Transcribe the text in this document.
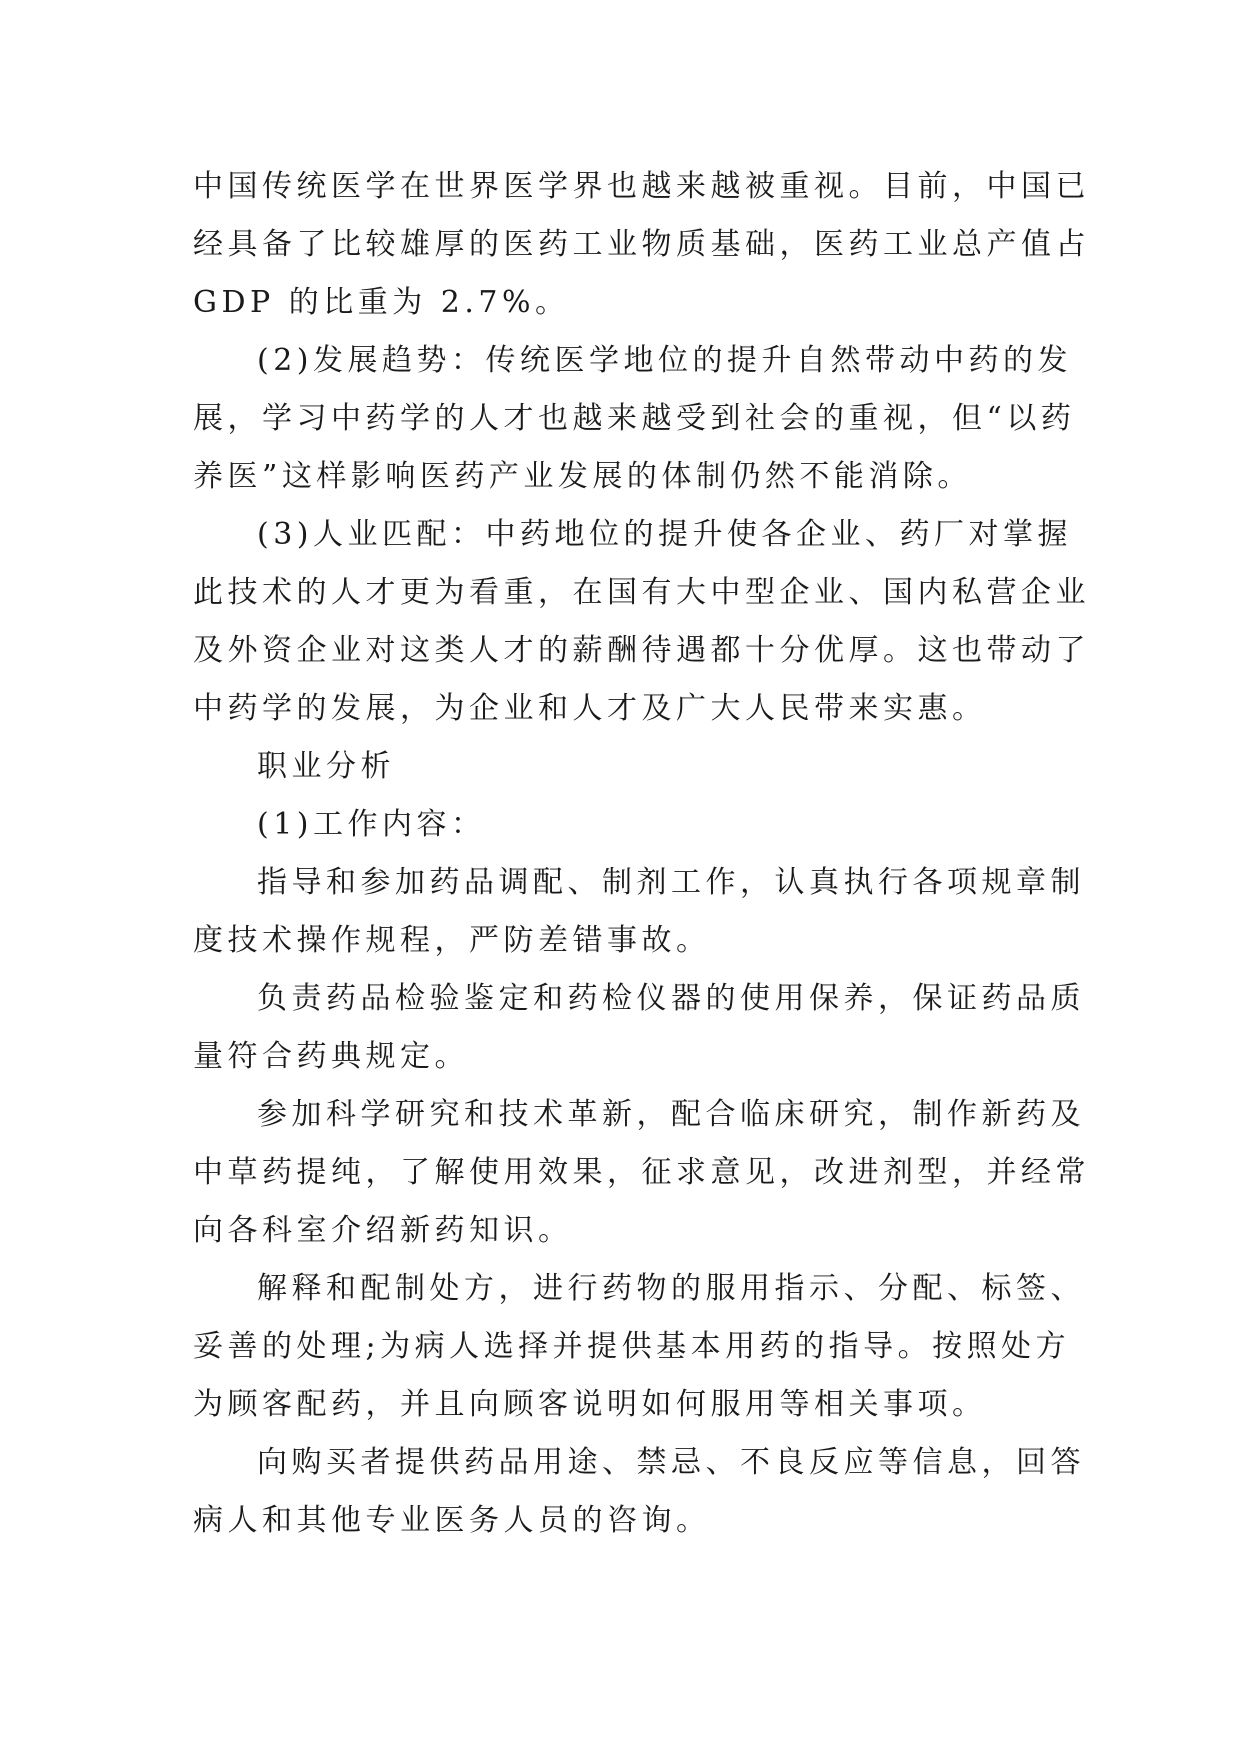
中国传统医学在世界医学界也越来越被重视。目前，中国已
经具备了比较雄厚的医药工业物质基础，医药工业总产值占
GDP 的比重为 2.7%。

(2)发展趋势：传统医学地位的提升自然带动中药的发
展，学习中药学的人才也越来越受到社会的重视，但“以药
养医”这样影响医药产业发展的体制仍然不能消除。

(3)人业匹配：中药地位的提升使各企业、药厂对掌握
此技术的人才更为看重，在国有大中型企业、国内私营企业
及外资企业对这类人才的薪酬待遇都十分优厚。这也带动了
中药学的发展，为企业和人才及广大人民带来实惠。

职业分析

(1)工作内容：

指导和参加药品调配、制剂工作，认真执行各项规章制
度技术操作规程，严防差错事故。

负责药品检验鉴定和药检仪器的使用保养，保证药品质
量符合药典规定。

参加科学研究和技术革新，配合临床研究，制作新药及
中草药提纯，了解使用效果，征求意见，改进剂型，并经常
向各科室介绍新药知识。

解释和配制处方，进行药物的服用指示、分配、标签、
妥善的处理;为病人选择并提供基本用药的指导。按照处方
为顾客配药，并且向顾客说明如何服用等相关事项。

向购买者提供药品用途、禁忌、不良反应等信息，回答
病人和其他专业医务人员的咨询。
